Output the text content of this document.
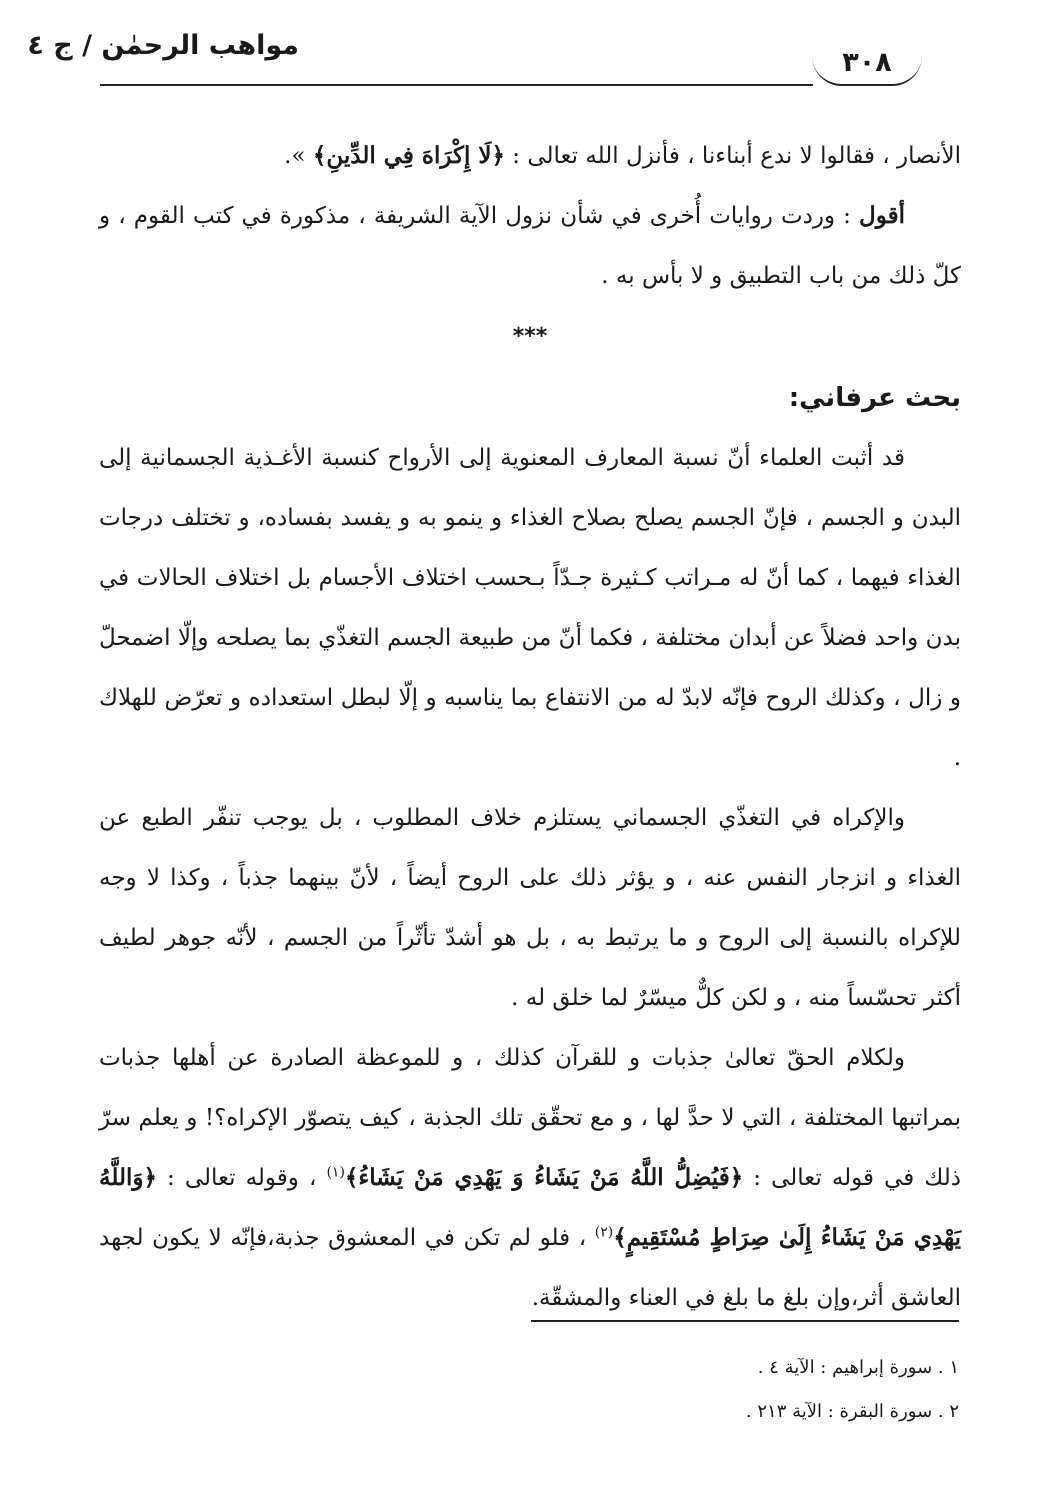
مواهب الرحمٰن / ج ٤
٣٠٨

الأنصار ، فقالوا لا ندع أبناءنا ، فأنزل الله تعالى : ﴿لَا إِكْرَاهَ فِي الدِّينِ﴾ ».

أقول : وردت روايات أُخرى في شأن نزول الآية الشريفة ، مذكورة في كتب القوم ، و كلّ ذلك من باب التطبيق و لا بأس به .

***
بحث عرفاني:

قد أثبت العلماء أنّ نسبة المعارف المعنوية إلى الأرواح كنسبة الأغـذية الجسمانية إلى البدن و الجسم ، فإنّ الجسم يصلح بصلاح الغذاء و ينمو به و يفسد بفساده، و تختلف درجات الغذاء فيهما ، كما أنّ له مـراتب كـثيرة جـدّاً بـحسب اختلاف الأجسام بل اختلاف الحالات في بدن واحد فضلاً عن أبدان مختلفة ، فكما أنّ من طبيعة الجسم التغذّي بما يصلحه وإلّا اضمحلّ و زال ، وكذلك الروح فإنّه لابدّ له من الانتفاع بما يناسبه و إلّا لبطل استعداده و تعرّض للهلاك .

والإكراه في التغذّي الجسماني يستلزم خلاف المطلوب ، بل يوجب تنفّر الطبع عن الغذاء و انزجار النفس عنه ، و يؤثر ذلك على الروح أيضاً ، لأنّ بينهما جذباً ، وكذا لا وجه للإكراه بالنسبة إلى الروح و ما يرتبط به ، بل هو أشدّ تأثّراً من الجسم ، لأنّه جوهر لطيف أكثر تحسّساً منه ، و لكن كلٌّ ميسّرٌ لما خلق له .

ولكلام الحقّ تعالىٰ جذبات و للقرآن كذلك ، و للموعظة الصادرة عن أهلها جذبات بمراتبها المختلفة ، التي لا حدَّ لها ، و مع تحقّق تلك الجذبة ، كيف يتصوّر الإكراه؟! و يعلم سرّ ذلك في قوله تعالى : ﴿فَيُضِلُّ اللَّهُ مَنْ يَشَاءُ وَ يَهْدِي مَنْ يَشَاءُ﴾$^{(١)}$ ، وقوله تعالى : ﴿وَاللَّهُ يَهْدِي مَنْ يَشَاءُ إِلَىٰ صِرَاطٍ مُسْتَقِيمٍ﴾$^{(٢)}$ ، فلو لم تكن في المعشوق جذبة،فإنّه لا يكون لجهد العاشق أثر،وإن بلغ ما بلغ في العناء والمشقّة.

١ . سورة إبراهيم : الآية ٤ .
٢ . سورة البقرة : الآية ٢١٣ .
